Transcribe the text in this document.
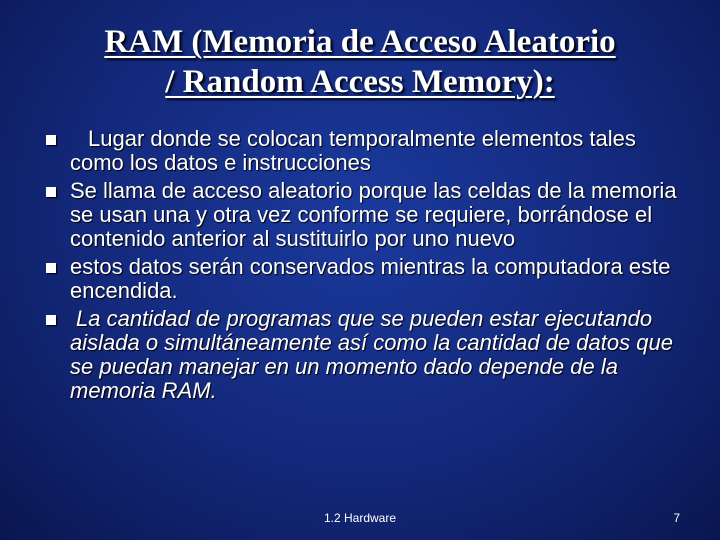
RAM (Memoria de Acceso Aleatorio
/ Random Access Memory):
Lugar donde se colocan temporalmente elementos tales como los datos e instrucciones
Se llama de acceso aleatorio porque las celdas de la memoria se usan una y otra vez conforme se requiere, borrándose el contenido anterior al sustituirlo por uno nuevo
estos datos serán conservados mientras la computadora este encendida.
La cantidad de programas que se pueden estar ejecutando aislada o simultáneamente así como la cantidad de datos que se puedan manejar en un momento dado depende de la memoria RAM.
1.2 Hardware	7
